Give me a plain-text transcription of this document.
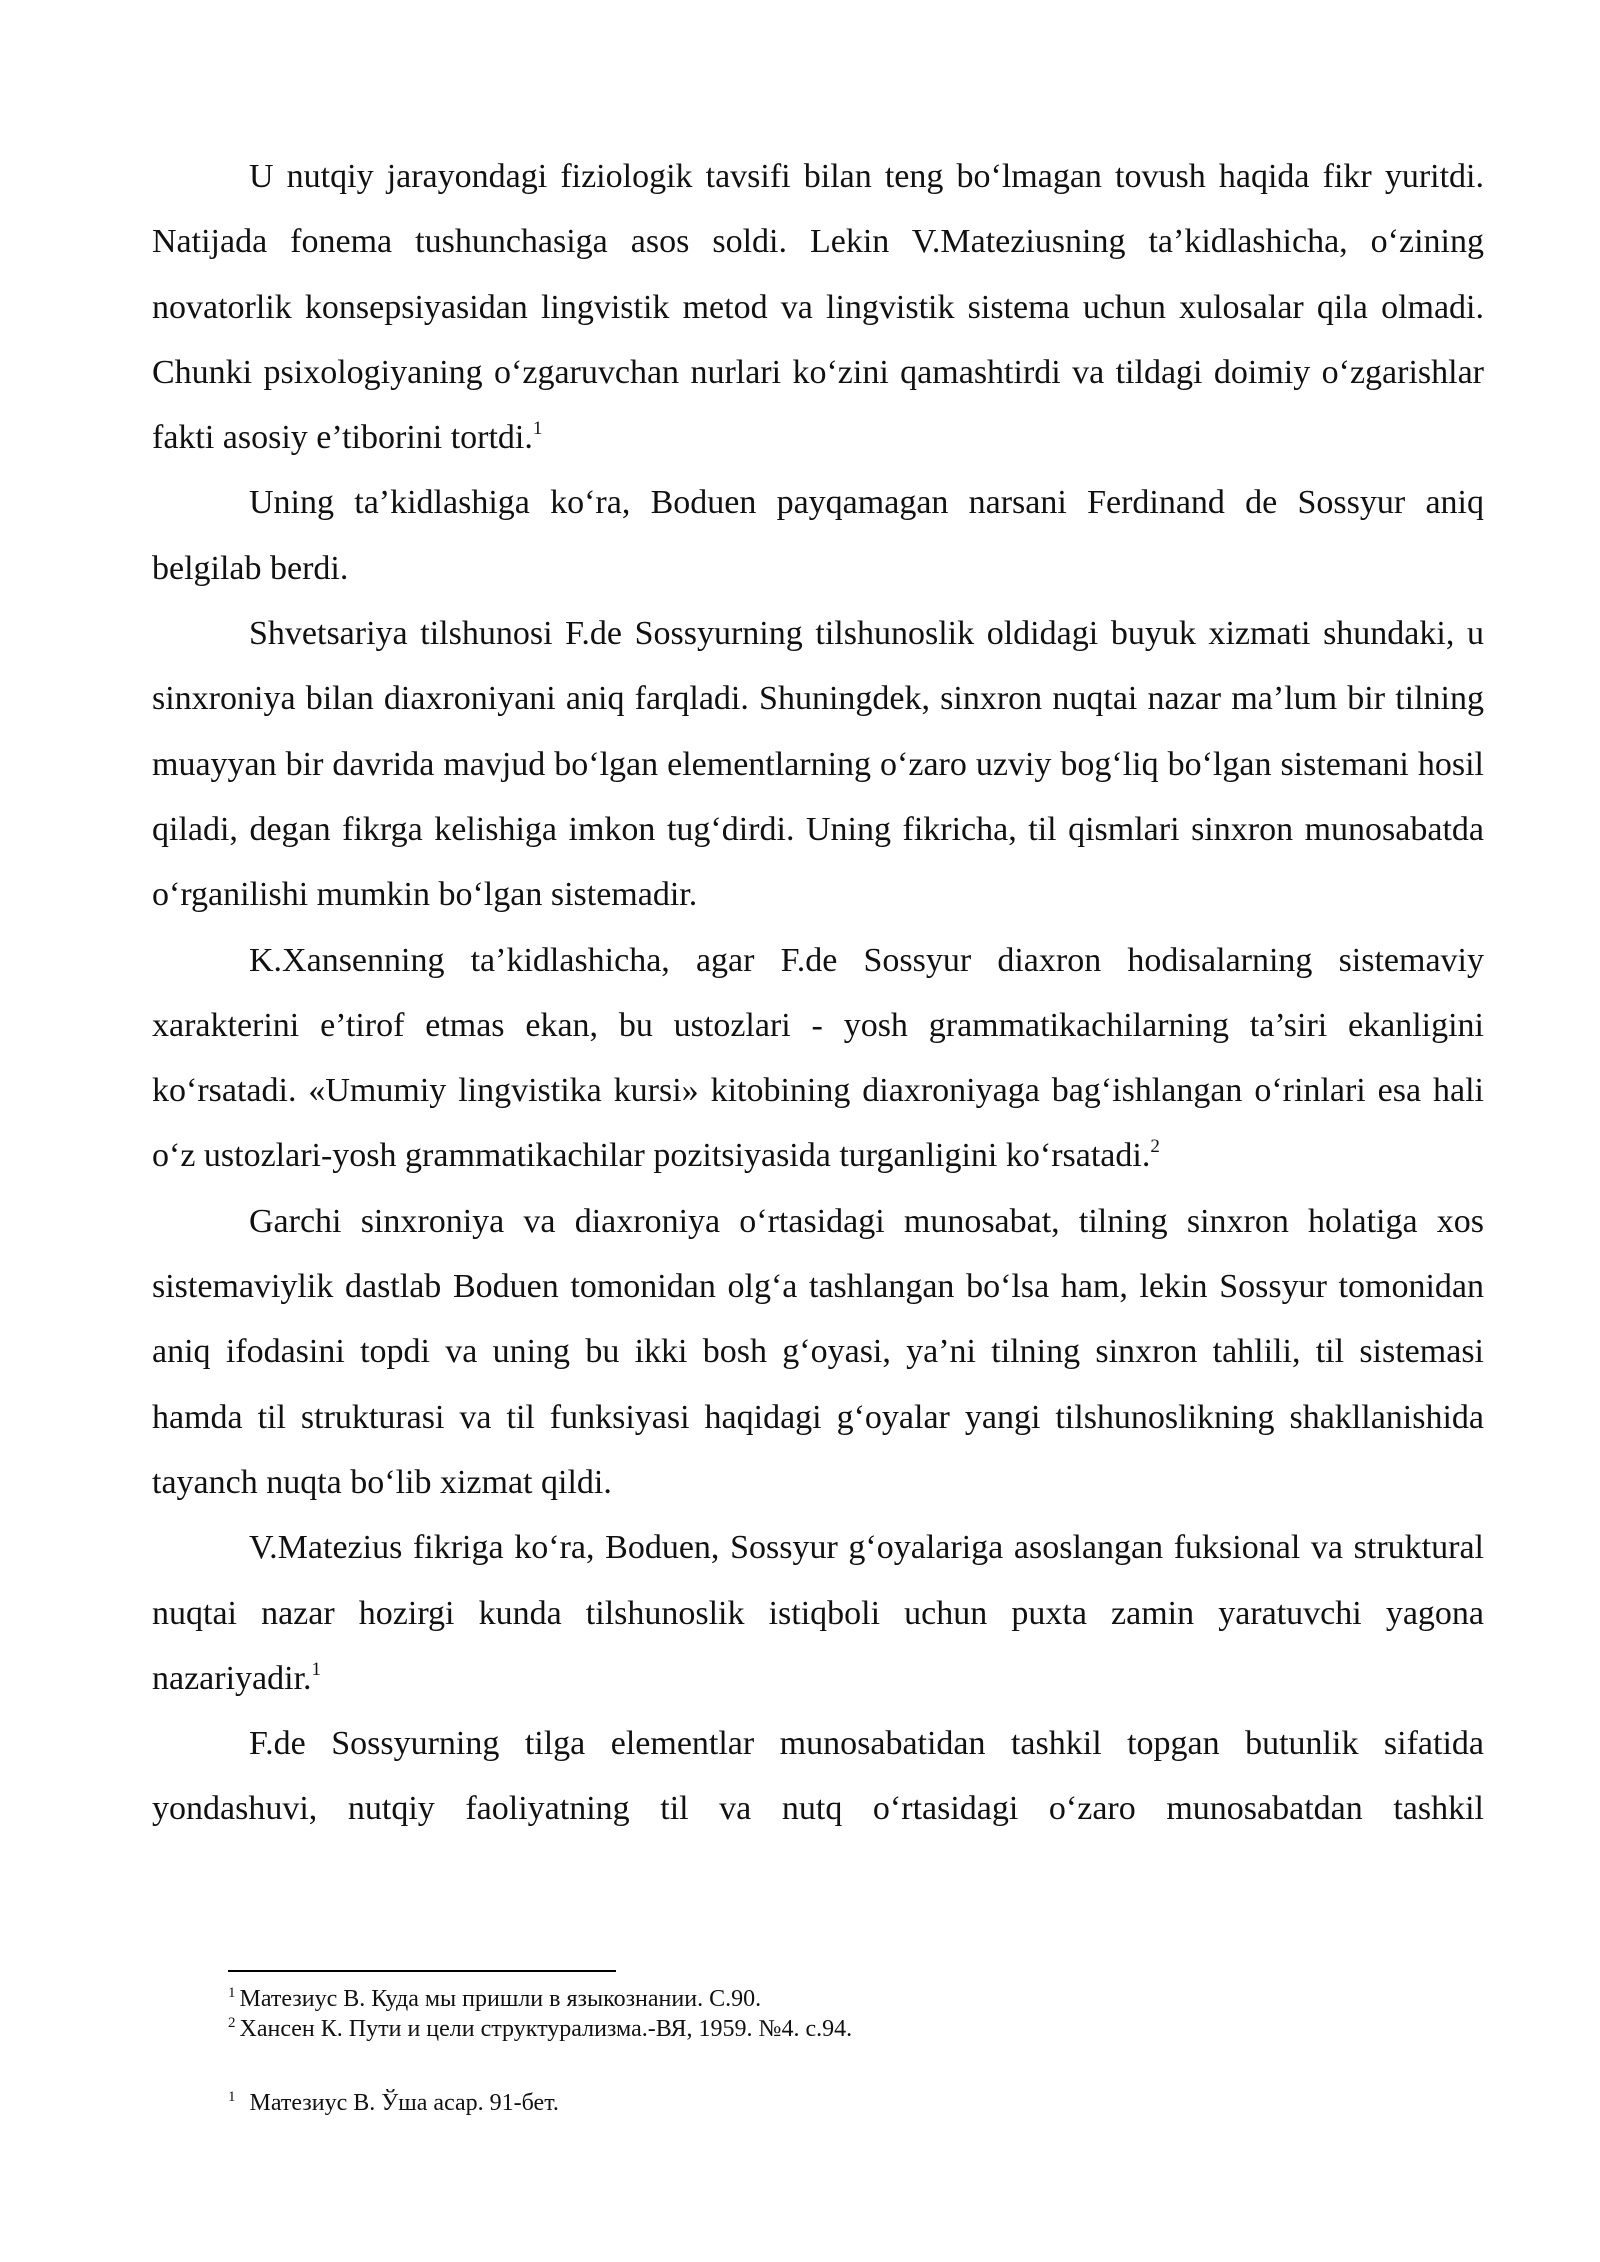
U nutqiy jarayondagi fiziologik tavsifi bilan teng bo‘lmagan tovush haqida fikr yuritdi. Natijada fonema tushunchasiga asos soldi. Lekin V.Mateziusning ta’kidlashicha, o‘zining novatorlik konsepsiyasidan lingvistik metod va lingvistik sistema uchun xulosalar qila olmadi. Chunki psixologiyaning o‘zgaruvchan nurlari ko‘zini qamashtirdi va tildagi doimiy o‘zgarishlar fakti asosiy e’tiborini tortdi.$^1$

Uning ta’kidlashiga ko‘ra, Boduen payqamagan narsani Ferdinand de Sossyur aniq belgilab berdi.

Shvetsariya tilshunosi F.de Sossyurning tilshunoslik oldidagi buyuk xizmati shundaki, u sinxroniya bilan diaxroniyani aniq farqladi. Shuningdek, sinxron nuqtai nazar ma’lum bir tilning muayyan bir davrida mavjud bo‘lgan elementlarning o‘zaro uzviy bog‘liq bo‘lgan sistemani hosil qiladi, degan fikrga kelishiga imkon tug‘dirdi. Uning fikricha, til qismlari sinxron munosabatda o‘rganilishi mumkin bo‘lgan sistemadir.

K.Xansenning ta’kidlashicha, agar F.de Sossyur diaxron hodisalarning sistemaviy xarakterini e’tirof etmas ekan, bu ustozlari - yosh grammatikachilarning ta’siri ekanligini ko‘rsatadi. «Umumiy lingvistika kursi» kitobining diaxroniyaga bag‘ishlangan o‘rinlari esa hali o‘z ustozlari-yosh grammatikachilar pozitsiyasida turganligini ko‘rsatadi.$^2$

Garchi sinxroniya va diaxroniya o‘rtasidagi munosabat, tilning sinxron holatiga xos sistemaviylik dastlab Boduen tomonidan olg‘a tashlangan bo‘lsa ham, lekin Sossyur tomonidan aniq ifodasini topdi va uning bu ikki bosh g‘oyasi, ya’ni tilning sinxron tahlili, til sistemasi hamda til strukturasi va til funksiyasi haqidagi g‘oyalar yangi tilshunoslikning shakllanishida tayanch nuqta bo‘lib xizmat qildi.

V.Matezius fikriga ko‘ra, Boduen, Sossyur g‘oyalariga asoslangan fuksional va struktural nuqtai nazar hozirgi kunda tilshunoslik istiqboli uchun puxta zamin yaratuvchi yagona nazariyadir.$^1$

F.de Sossyurning tilga elementlar munosabatidan tashkil topgan butunlik sifatida yondashuvi, nutqiy faoliyatning til va nutq o‘rtasidagi o‘zaro munosabatdan tashkil

$^1$ Матезиус В. Куда мы пришли в языкознании. С.90.

$^2$ Хансен К. Пути и цели структурализма.-ВЯ, 1959. №4. с.94.

$^1$ Матезиус В. Ўша асар. 91-бет.
